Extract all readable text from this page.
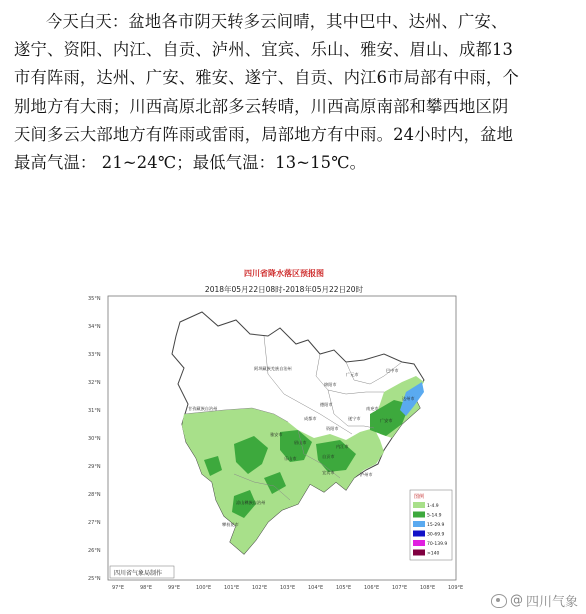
今天白天：盆地各市阴天转多云间晴，其中巴中、达州、广安、

遂宁、资阳、内江、自贡、泸州、宜宾、乐山、雅安、眉山、成都13

市有阵雨，达州、广安、雅安、遂宁、自贡、内江6市局部有中雨，个

别地方有大雨；川西高原北部多云转晴，川西高原南部和攀西地区阴

天间多云大部地方有阵雨或雷雨，局部地方有中雨。24小时内，盆地

最高气温： 21~24℃；最低气温：13~15℃。

四川省降水落区预报图
2018年05月22日08时-2018年05月22日20时
35°N
34°N
33°N
32°N
31°N
30°N
29°N
28°N
27°N
26°N
25°N
97°E	98°E	99°E	100°E	101°E	102°E	103°E	104°E	105°E	106°E	107°E	108°E	109°E
阿坝藏族羌族自治州
广元市
绵阳市
巴中市
达州市
南充市
德阳市
甘孜藏族自治州
成都市	遂宁市	广安市
资阳市
雅安市
眉山市
内江市
乐山市	自贡市
宜宾市	泸州市
凉山彝族自治州
攀枝花市
四川省气象局制作
图例
1-4.9
5-14.9
15-29.9
30-69.9
70-139.9
>140
@ 四川气象
